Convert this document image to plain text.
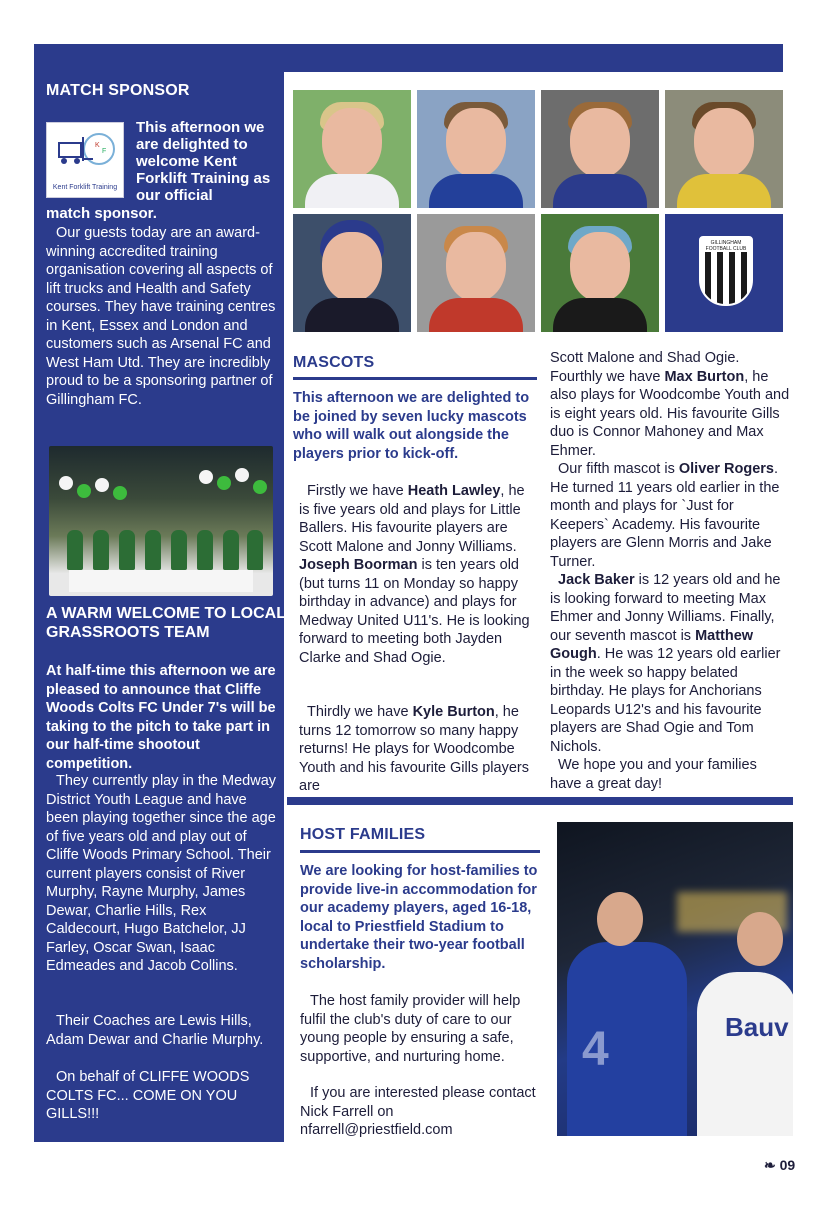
MATCH SPONSOR
K
F
Kent Forklift Training
This afternoon we are delighted to welcome Kent Forklift Training as our official
match sponsor.
Our guests today are an award-winning accredited training organisation covering all aspects of lift trucks and Health and Safety courses. They have training centres in Kent, Essex and London and customers such as Arsenal FC and West Ham Utd. They are incredibly proud to be a sponsoring partner of Gillingham FC.
A WARM WELCOME TO LOCAL GRASSROOTS TEAM
At half-time this afternoon we are pleased to announce that Cliffe Woods Colts FC Under 7's will be taking to the pitch to take part in our half-time shootout competition.
They currently play in the Medway District Youth League and have been playing together since the age of five years old and play out of Cliffe Woods Primary School. Their current players consist of River Murphy, Rayne Murphy, James Dewar, Charlie Hills, Rex Caldecourt, Hugo Batchelor, JJ Farley, Oscar Swan, Isaac Edmeades and Jacob Collins.
Their Coaches are Lewis Hills, Adam Dewar and Charlie Murphy.
On behalf of CLIFFE WOODS COLTS FC... COME ON YOU GILLS!!!
GILLINGHAM FOOTBALL CLUB
MASCOTS
This afternoon we are delighted to be joined by seven lucky mascots who will walk out alongside the players prior to kick-off.
Firstly we have Heath Lawley, he is five years old and plays for Little Ballers. His favourite players are Scott Malone and Jonny Williams. Joseph Boorman is ten years old (but turns 11 on Monday so happy birthday in advance) and plays for Medway United U11's. He is looking forward to meeting both Jayden Clarke and Shad Ogie.
Thirdly we have Kyle Burton, he turns 12 tomorrow so many happy returns! He plays for Woodcombe Youth and his favourite Gills players are
Scott Malone and Shad Ogie.
Fourthly we have Max Burton, he also plays for Woodcombe Youth and is eight years old. His favourite Gills duo is Connor Mahoney and Max Ehmer.
Our fifth mascot is Oliver Rogers. He turned 11 years old earlier in the month and plays for `Just for Keepers` Academy. His favourite players are Glenn Morris and Jake Turner.
Jack Baker is 12 years old and he is looking forward to meeting Max Ehmer and Jonny Williams. Finally, our seventh mascot is Matthew Gough. He was 12 years old earlier in the week so happy belated birthday. He plays for Anchorians Leopards U12's and his favourite players are Shad Ogie and Tom Nichols.
We hope you and your families have a great day!
HOST FAMILIES
We are looking for host-families to provide live-in accommodation for our academy players, aged 16-18, local to Priestfield Stadium to undertake their two-year football scholarship.
The host family provider will help fulfil the club's duty of care to our young people by ensuring a safe, supportive, and nurturing home.
If you are interested please contact Nick Farrell on nfarrell@priestfield.com
4	Bauv
❧ 09
